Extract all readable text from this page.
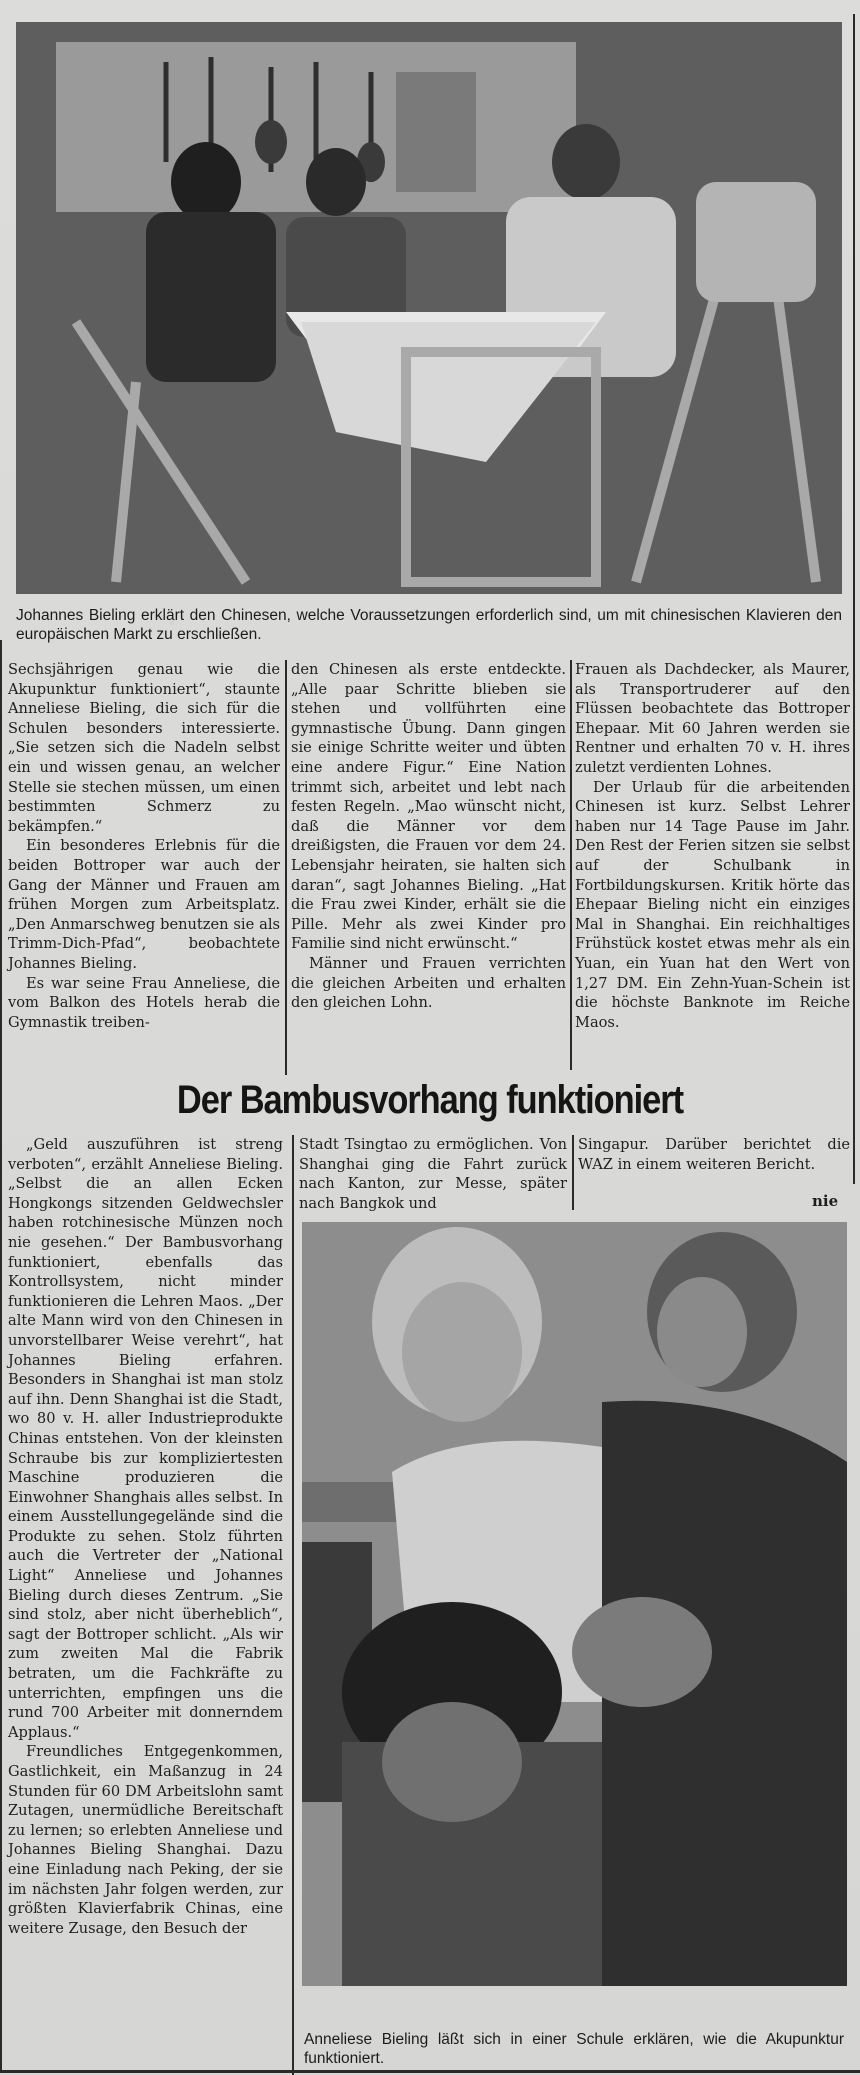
Johannes Bieling erklärt den Chinesen, welche Voraussetzungen erforderlich sind, um mit chinesischen Klavieren den europäischen Markt zu erschließen.

Sechsjährigen genau wie die Akupunktur funktioniert“, staunte Anneliese Bieling, die sich für die Schulen besonders interessierte. „Sie setzen sich die Nadeln selbst ein und wissen genau, an welcher Stelle sie stechen müssen, um einen bestimmten Schmerz zu bekämpfen.“

Ein besonderes Erlebnis für die beiden Bottroper war auch der Gang der Männer und Frauen am frühen Morgen zum Arbeitsplatz. „Den Anmarschweg benutzen sie als Trimm-Dich-Pfad“, beobachtete Johannes Bieling.

Es war seine Frau Anneliese, die vom Balkon des Hotels herab die Gymnastik treiben-

den Chinesen als erste entdeckte. „Alle paar Schritte blieben sie stehen und vollführten eine gymnastische Übung. Dann gingen sie einige Schritte weiter und übten eine andere Figur.“ Eine Nation trimmt sich, arbeitet und lebt nach festen Regeln. „Mao wünscht nicht, daß die Männer vor dem dreißigsten, die Frauen vor dem 24. Lebensjahr heiraten, sie halten sich daran“, sagt Johannes Bieling. „Hat die Frau zwei Kinder, erhält sie die Pille. Mehr als zwei Kinder pro Familie sind nicht erwünscht.“

Männer und Frauen verrichten die gleichen Arbeiten und erhalten den gleichen Lohn.

Frauen als Dachdecker, als Maurer, als Transportruderer auf den Flüssen beobachtete das Bottroper Ehepaar. Mit 60 Jahren werden sie Rentner und erhalten 70 v. H. ihres zuletzt verdienten Lohnes.

Der Urlaub für die arbeitenden Chinesen ist kurz. Selbst Lehrer haben nur 14 Tage Pause im Jahr. Den Rest der Ferien sitzen sie selbst auf der Schulbank in Fortbildungskursen. Kritik hörte das Ehepaar Bieling nicht ein einziges Mal in Shanghai. Ein reichhaltiges Frühstück kostet etwas mehr als ein Yuan, ein Yuan hat den Wert von 1,27 DM. Ein Zehn-Yuan-Schein ist die höchste Banknote im Reiche Maos.

Der Bambusvorhang funktioniert

„Geld auszuführen ist streng verboten“, erzählt Anneliese Bieling. „Selbst die an allen Ecken Hongkongs sitzenden Geldwechsler haben rotchinesische Münzen noch nie gesehen.“ Der Bambusvorhang funktioniert, ebenfalls das Kontrollsystem, nicht minder funktionieren die Lehren Maos. „Der alte Mann wird von den Chinesen in unvorstellbarer Weise verehrt“, hat Johannes Bieling erfahren. Besonders in Shanghai ist man stolz auf ihn. Denn Shanghai ist die Stadt, wo 80 v. H. aller Industrieprodukte Chinas entstehen. Von der kleinsten Schraube bis zur kompliziertesten Maschine produzieren die Einwohner Shanghais alles selbst. In einem Ausstellungegelände sind die Produkte zu sehen. Stolz führten auch die Vertreter der „National Light“ Anneliese und Johannes Bieling durch dieses Zentrum. „Sie sind stolz, aber nicht überheblich“, sagt der Bottroper schlicht. „Als wir zum zweiten Mal die Fabrik betraten, um die Fachkräfte zu unterrichten, empfingen uns die rund 700 Arbeiter mit donnerndem Applaus.“

Freundliches Entgegenkommen, Gastlichkeit, ein Maßanzug in 24 Stunden für 60 DM Arbeitslohn samt Zutagen, unermüdliche Bereitschaft zu lernen; so erlebten Anneliese und Johannes Bieling Shanghai. Dazu eine Einladung nach Peking, der sie im nächsten Jahr folgen werden, zur größten Klavierfabrik Chinas, eine weitere Zusage, den Besuch der

Stadt Tsingtao zu ermöglichen. Von Shanghai ging die Fahrt zurück nach Kanton, zur Messe, später nach Bangkok und

Singapur. Darüber berichtet die WAZ in einem weiteren Bericht.

nie
Anneliese Bieling läßt sich in einer Schule erklären, wie die Akupunktur funktioniert.
